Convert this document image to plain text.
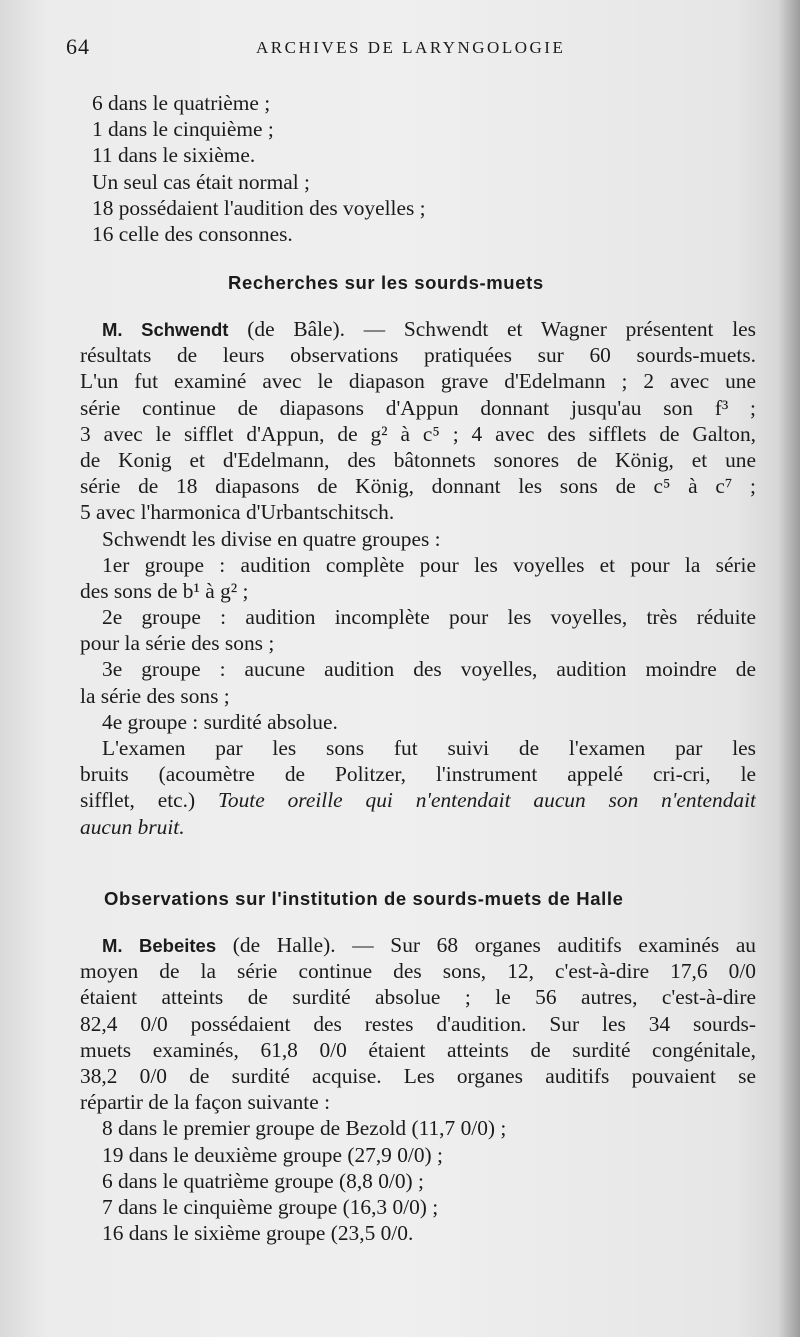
64	ARCHIVES DE LARYNGOLOGIE
6 dans le quatrième ;
1 dans le cinquième ;
11 dans le sixième.
Un seul cas était normal ;
18 possédaient l'audition des voyelles ;
16 celle des consonnes.
Recherches sur les sourds-muets
M. Schwendt (de Bâle). — Schwendt et Wagner présentent les
résultats de leurs observations pratiquées sur 60 sourds-muets.
L'un fut examiné avec le diapason grave d'Edelmann ; 2 avec une
série continue de diapasons d'Appun donnant jusqu'au son f³ ;
3 avec le sifflet d'Appun, de g² à c⁵ ; 4 avec des sifflets de Galton,
de Konig et d'Edelmann, des bâtonnets sonores de König, et une
série de 18 diapasons de König, donnant les sons de c⁵ à c⁷ ;
5 avec l'harmonica d'Urbantschitsch.
Schwendt les divise en quatre groupes :
1er groupe : audition complète pour les voyelles et pour la série
des sons de b¹ à g² ;
2e groupe : audition incomplète pour les voyelles, très réduite
pour la série des sons ;
3e groupe : aucune audition des voyelles, audition moindre de
la série des sons ;
4e groupe : surdité absolue.
L'examen par les sons fut suivi de l'examen par les
bruits (acoumètre de Politzer, l'instrument appelé cri-cri, le
sifflet, etc.) Toute oreille qui n'entendait aucun son n'entendait
aucun bruit.
Observations sur l'institution de sourds-muets de Halle
M. Bebeites (de Halle). — Sur 68 organes auditifs examinés au
moyen de la série continue des sons, 12, c'est-à-dire 17,6 0/0
étaient atteints de surdité absolue ; le 56 autres, c'est-à-dire
82,4 0/0 possédaient des restes d'audition. Sur les 34 sourds-
muets examinés, 61,8 0/0 étaient atteints de surdité congénitale,
38,2 0/0 de surdité acquise. Les organes auditifs pouvaient se
répartir de la façon suivante :
8 dans le premier groupe de Bezold (11,7 0/0) ;
19 dans le deuxième groupe (27,9 0/0) ;
6 dans le quatrième groupe (8,8 0/0) ;
7 dans le cinquième groupe (16,3 0/0) ;
16 dans le sixième groupe (23,5 0/0.
